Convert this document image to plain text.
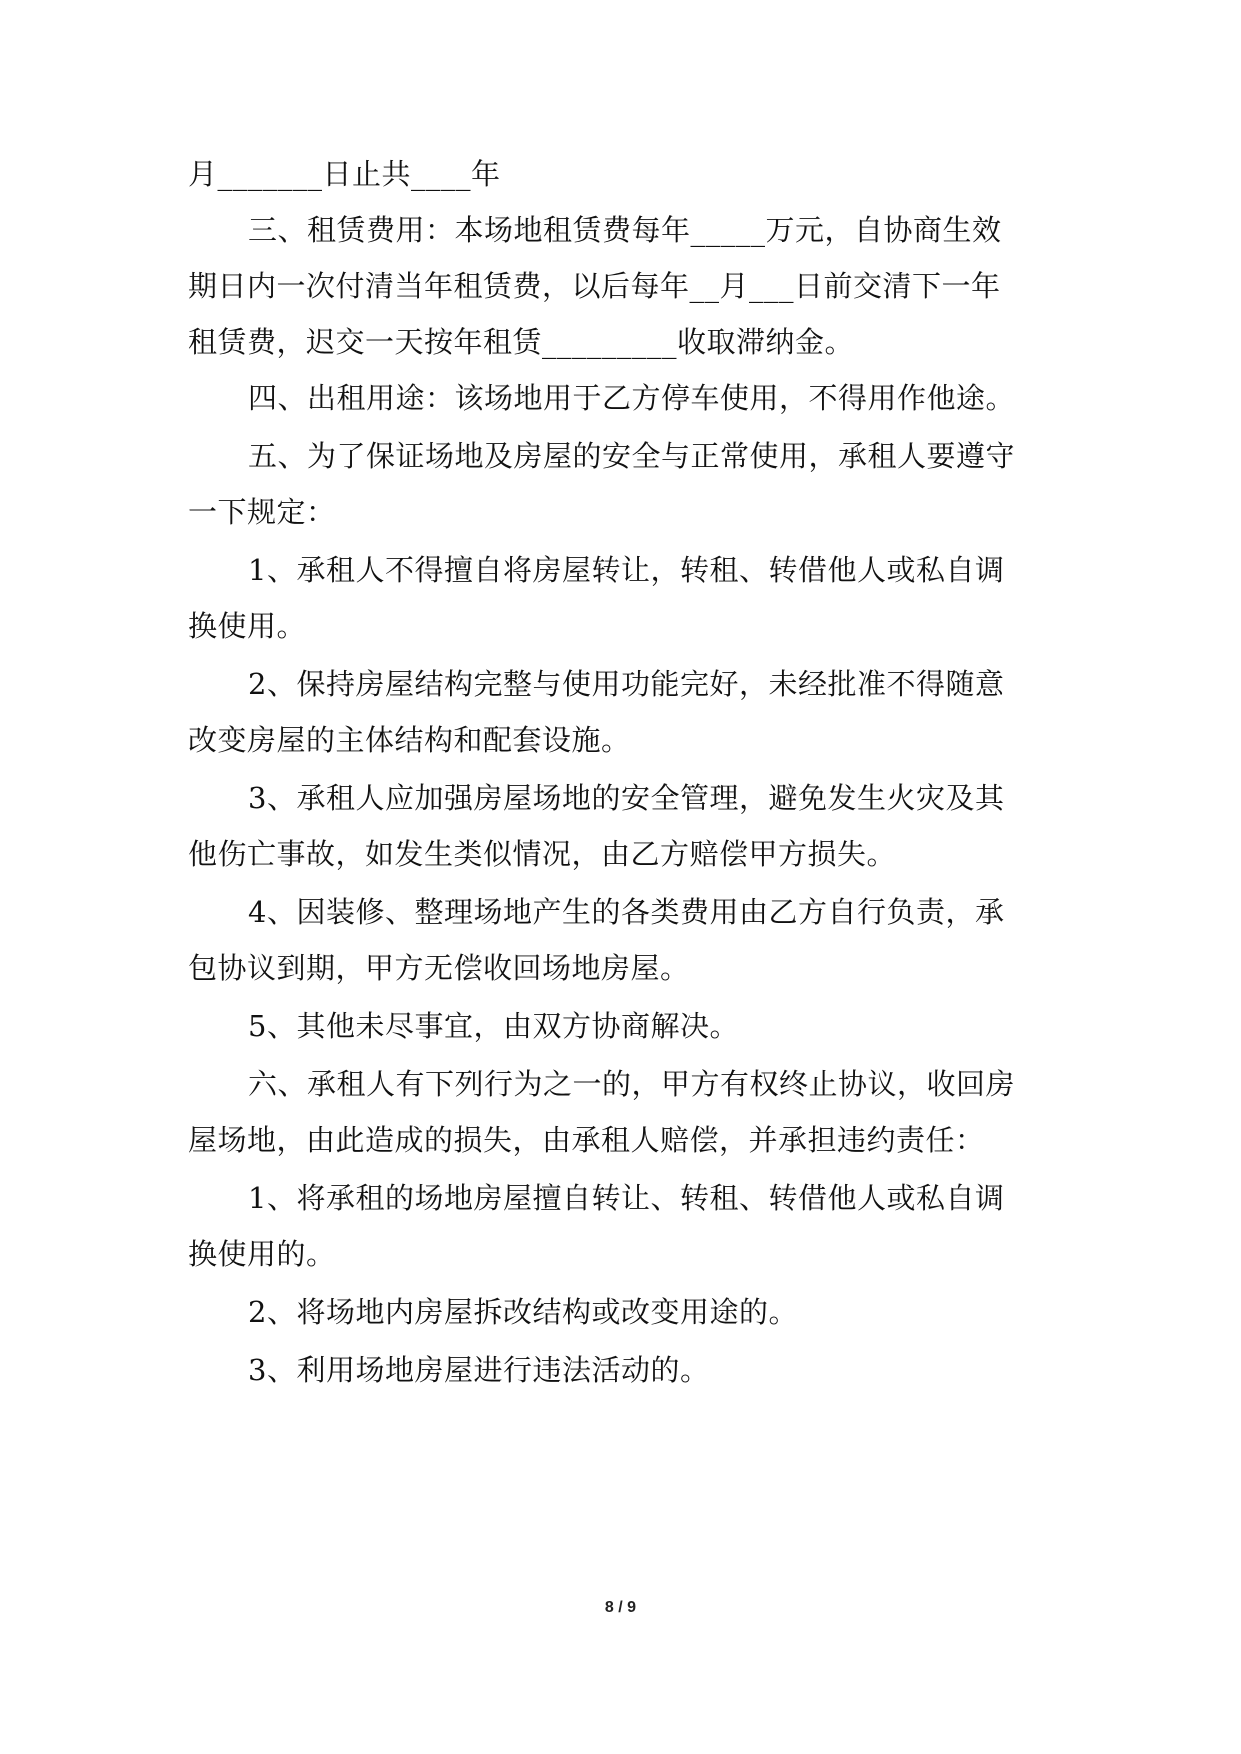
月_______日止共____年
三、租赁费用：本场地租赁费每年_____万元，自协商生效
期日内一次付清当年租赁费，以后每年__月___日前交清下一年
租赁费，迟交一天按年租赁_________收取滞纳金。
四、出租用途：该场地用于乙方停车使用，不得用作他途。
五、为了保证场地及房屋的安全与正常使用，承租人要遵守
一下规定：
1、承租人不得擅自将房屋转让，转租、转借他人或私自调
换使用。
2、保持房屋结构完整与使用功能完好，未经批准不得随意
改变房屋的主体结构和配套设施。
3、承租人应加强房屋场地的安全管理，避免发生火灾及其
他伤亡事故，如发生类似情况，由乙方赔偿甲方损失。
4、因装修、整理场地产生的各类费用由乙方自行负责，承
包协议到期，甲方无偿收回场地房屋。
5、其他未尽事宜，由双方协商解决。
六、承租人有下列行为之一的，甲方有权终止协议，收回房
屋场地，由此造成的损失，由承租人赔偿，并承担违约责任：
1、将承租的场地房屋擅自转让、转租、转借他人或私自调
换使用的。
2、将场地内房屋拆改结构或改变用途的。
3、利用场地房屋进行违法活动的。
8 / 9
